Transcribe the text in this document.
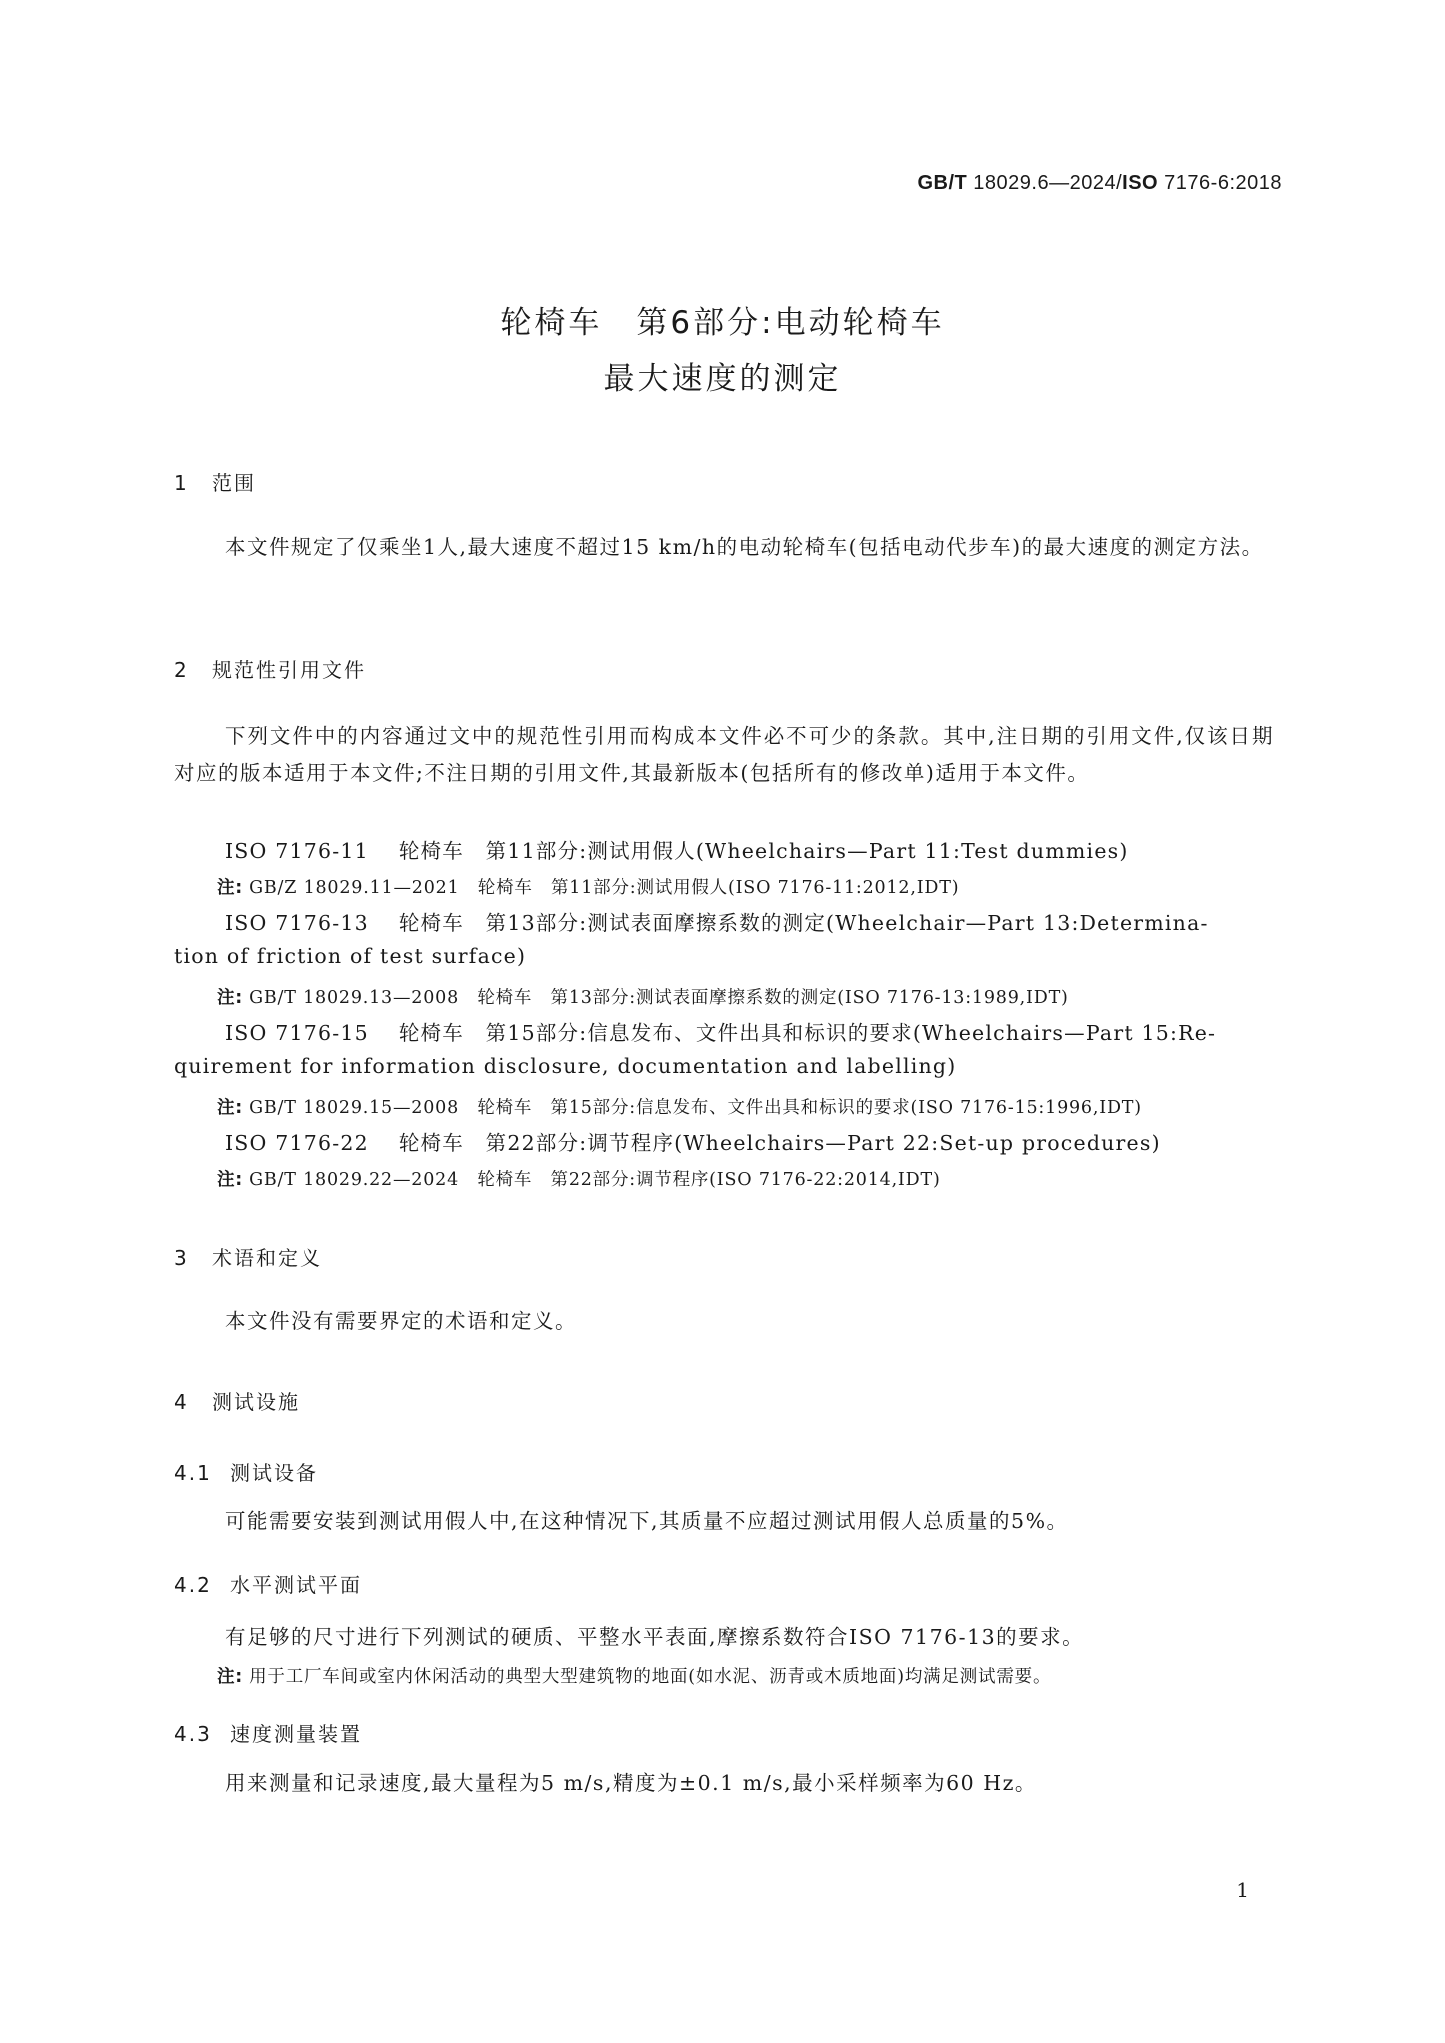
GB/T 18029.6—2024/ISO 7176-6:2018
轮椅车　第6部分:电动轮椅车
最大速度的测定
1 范围
本文件规定了仅乘坐1人,最大速度不超过15 km/h的电动轮椅车(包括电动代步车)的最大速度的测定方法。
2 规范性引用文件
下列文件中的内容通过文中的规范性引用而构成本文件必不可少的条款。其中,注日期的引用文件,仅该日期对应的版本适用于本文件;不注日期的引用文件,其最新版本(包括所有的修改单)适用于本文件。
ISO 7176-11 轮椅车　第11部分:测试用假人(Wheelchairs—Part 11:Test dummies)
注: GB/Z 18029.11—2021　轮椅车　第11部分:测试用假人(ISO 7176-11:2012,IDT)
ISO 7176-13 轮椅车　第13部分:测试表面摩擦系数的测定(Wheelchair—Part 13:Determina-
tion of friction of test surface)
注: GB/T 18029.13—2008　轮椅车　第13部分:测试表面摩擦系数的测定(ISO 7176-13:1989,IDT)
ISO 7176-15 轮椅车　第15部分:信息发布、文件出具和标识的要求(Wheelchairs—Part 15:Re-
quirement for information disclosure, documentation and labelling)
注: GB/T 18029.15—2008　轮椅车　第15部分:信息发布、文件出具和标识的要求(ISO 7176-15:1996,IDT)
ISO 7176-22 轮椅车　第22部分:调节程序(Wheelchairs—Part 22:Set-up procedures)
注: GB/T 18029.22—2024　轮椅车　第22部分:调节程序(ISO 7176-22:2014,IDT)
3 术语和定义
本文件没有需要界定的术语和定义。
4 测试设施
4.1 测试设备
可能需要安装到测试用假人中,在这种情况下,其质量不应超过测试用假人总质量的5%。
4.2 水平测试平面
有足够的尺寸进行下列测试的硬质、平整水平表面,摩擦系数符合ISO 7176-13的要求。
注: 用于工厂车间或室内休闲活动的典型大型建筑物的地面(如水泥、沥青或木质地面)均满足测试需要。
4.3 速度测量装置
用来测量和记录速度,最大量程为5 m/s,精度为±0.1 m/s,最小采样频率为60 Hz。
1
